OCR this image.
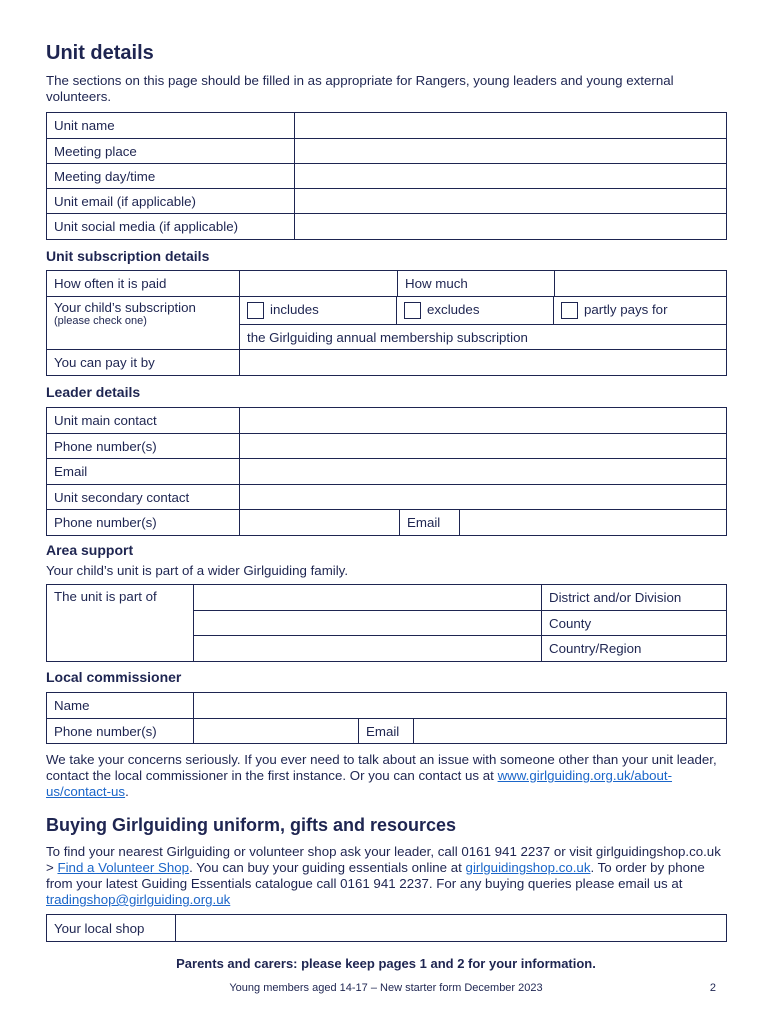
Unit details
The sections on this page should be filled in as appropriate for Rangers, young leaders and young external volunteers.
Unit name	
Meeting place	
Meeting day/time	
Unit email (if applicable)	
Unit social media (if applicable)	
Unit subscription details
How often it is paid		How much	
Your child’s subscription
(please check one)	includes	excludes	partly pays for
	the Girlguiding annual membership subscription		
You can pay it by			
Leader details
Unit main contact			
Phone number(s)			
Email			
Unit secondary contact			
Phone number(s)		Email	
Area support
Your child’s unit is part of a wider Girlguiding family.
The unit is part of		District and/or Division
		County
		Country/Region
Local commissioner
Name			
Phone number(s)		Email	
We take your concerns seriously. If you ever need to talk about an issue with someone other than your unit leader, contact the local commissioner in the first instance. Or you can contact us at www.girlguiding.org.uk/about-us/contact-us.
Buying Girlguiding uniform, gifts and resources
To find your nearest Girlguiding or volunteer shop ask your leader, call 0161 941 2237 or visit girlguidingshop.co.uk > Find a Volunteer Shop. You can buy your guiding essentials online at girlguidingshop.co.uk. To order by phone from your latest Guiding Essentials catalogue call 0161 941 2237. For any buying queries please email us at tradingshop@girlguiding.org.uk
Your local shop	
Parents and carers: please keep pages 1 and 2 for your information.
Young members aged 14-17 – New starter form December 2023	2
